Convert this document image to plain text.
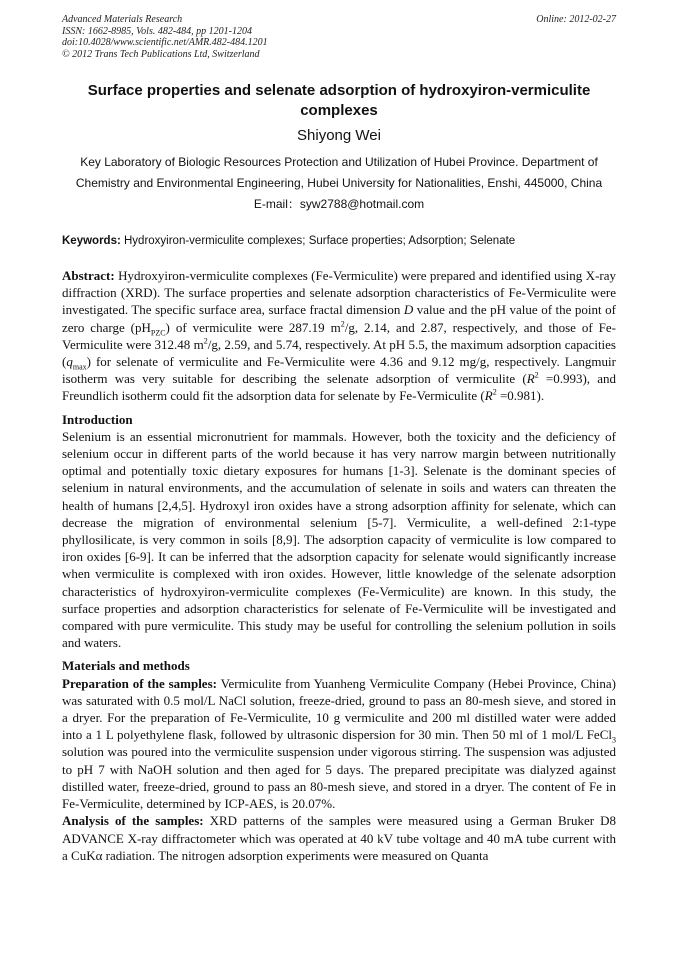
Advanced Materials Research
ISSN: 1662-8985, Vols. 482-484, pp 1201-1204
doi:10.4028/www.scientific.net/AMR.482-484.1201
© 2012 Trans Tech Publications Ltd, Switzerland
Online: 2012-02-27
Surface properties and selenate adsorption of hydroxyiron-vermiculite complexes
Shiyong Wei
Key Laboratory of Biologic Resources Protection and Utilization of Hubei Province. Department of Chemistry and Environmental Engineering, Hubei University for Nationalities, Enshi, 445000, China
E-mail：syw2788@hotmail.com
Keywords: Hydroxyiron-vermiculite complexes; Surface properties; Adsorption; Selenate

Abstract: Hydroxyiron-vermiculite complexes (Fe-Vermiculite) were prepared and identified using X-ray diffraction (XRD). The surface properties and selenate adsorption characteristics of Fe-Vermiculite were investigated. The specific surface area, surface fractal dimension D value and the pH value of the point of zero charge $(pH_{PZC})$ of vermiculite were 287.19 $m^2/g$, 2.14, and 2.87, respectively, and those of Fe-Vermiculite were 312.48 $m^2/g$, 2.59, and 5.74, respectively. At pH 5.5, the maximum adsorption capacities $(q_{max})$ for selenate of vermiculite and Fe-Vermiculite were 4.36 and 9.12 mg/g, respectively. Langmuir isotherm was very suitable for describing the selenate adsorption of vermiculite $(R^2 =0.993)$, and Freundlich isotherm could fit the adsorption data for selenate by Fe-Vermiculite $(R^2 =0.981)$.

Introduction

Selenium is an essential micronutrient for mammals. However, both the toxicity and the deficiency of selenium occur in different parts of the world because it has very narrow margin between nutritionally optimal and potentially toxic dietary exposures for humans [1-3]. Selenate is the dominant species of selenium in natural environments, and the accumulation of selenate in soils and waters can threaten the health of humans [2,4,5]. Hydroxyl iron oxides have a strong adsorption affinity for selenate, which can decrease the migration of environmental selenium [5-7]. Vermiculite, a well-defined 2:1-type phyllosilicate, is very common in soils [8,9]. The adsorption capacity of vermiculite is low compared to iron oxides [6-9]. It can be inferred that the adsorption capacity for selenate would significantly increase when vermiculite is complexed with iron oxides. However, little knowledge of the selenate adsorption characteristics of hydroxyiron-vermiculite complexes (Fe-Vermiculite) are known. In this study, the surface properties and adsorption characteristics for selenate of Fe-Vermiculite will be investigated and compared with pure vermiculite. This study may be useful for controlling the selenium pollution in soils and waters.

Materials and methods

Preparation of the samples: Vermiculite from Yuanheng Vermiculite Company (Hebei Province, China) was saturated with 0.5 mol/L NaCl solution, freeze-dried, ground to pass an 80-mesh sieve, and stored in a dryer. For the preparation of Fe-Vermiculite, 10 g vermiculite and 200 ml distilled water were added into a 1 L polyethylene flask, followed by ultrasonic dispersion for 30 min. Then 50 ml of 1 mol/L FeCl$_3$ solution was poured into the vermiculite suspension under vigorous stirring. The suspension was adjusted to pH 7 with NaOH solution and then aged for 5 days. The prepared precipitate was dialyzed against distilled water, freeze-dried, ground to pass an 80-mesh sieve, and stored in a dryer. The content of Fe in Fe-Vermiculite, determined by ICP-AES, is 20.07%.

Analysis of the samples: XRD patterns of the samples were measured using a German Bruker D8 ADVANCE X-ray diffractometer which was operated at 40 kV tube voltage and 40 mA tube current with a CuKα radiation. The nitrogen adsorption experiments were measured on Quanta
